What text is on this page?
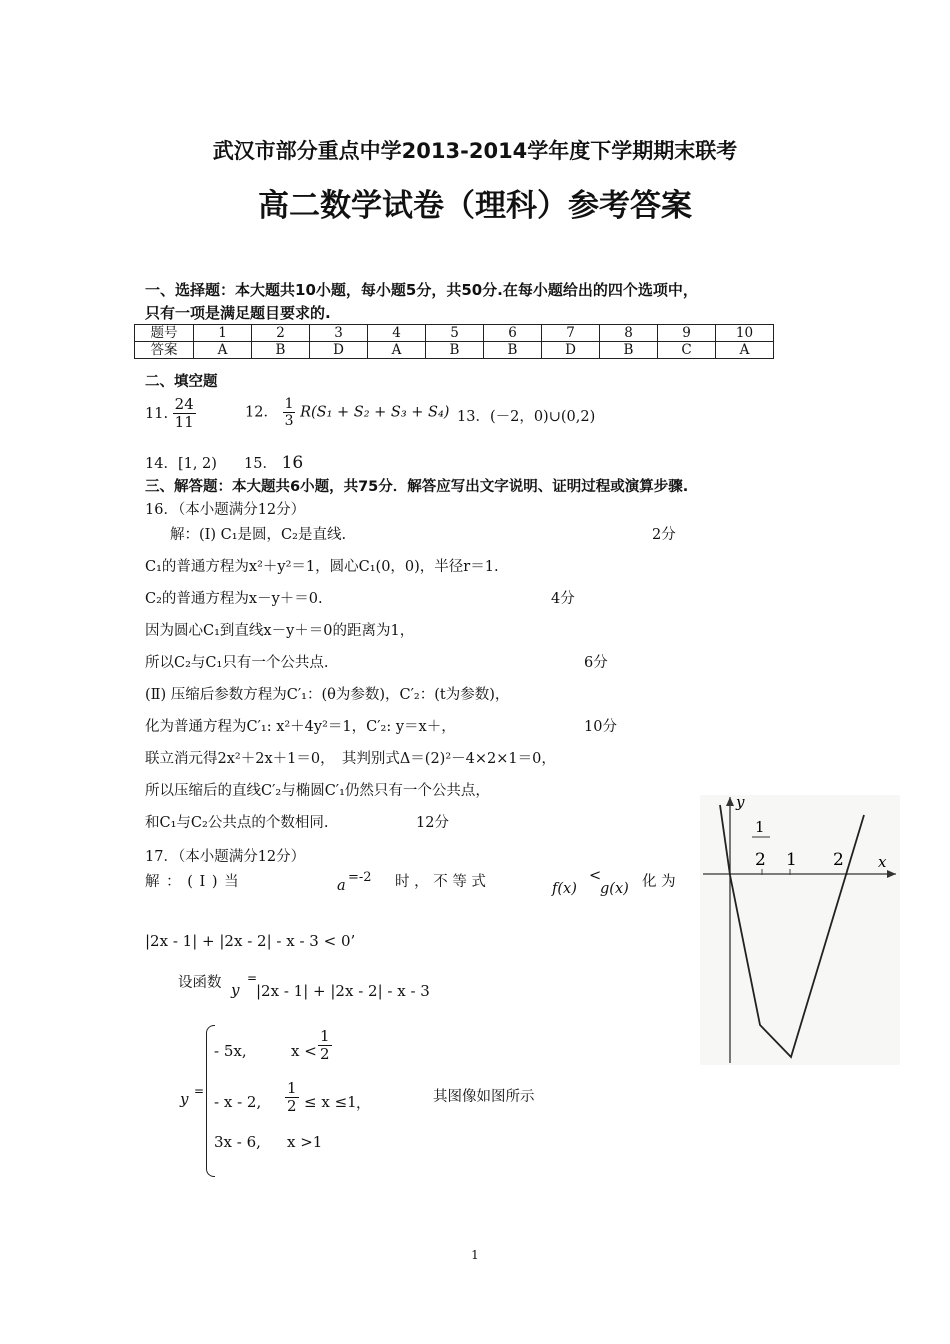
武汉市部分重点中学2013-2014学年度下学期期末联考
高二数学试卷（理科）参考答案
一、选择题：本大题共10小题，每小题5分，共50分.在每小题给出的四个选项中，
只有一项是满足题目要求的.
题号	1	2	3	4	5	6	7	8	9	10
答案	A	B	D	A	B	B	D	B	C	A
二、填空题
11. $\frac{24}{11}$	12． $\frac{1}{3} R(S_1 + S_2 + S_3 + S_4)$ 13．(－2，0)∪(0,2)
14．[1, 2) 15． 16
三、解答题：本大题共6小题，共75分．解答应写出文字说明、证明过程或演算步骤.
16．（本小题满分12分）
解：(Ⅰ) C₁是圆，C₂是直线.	2分
C₁的普通方程为x²＋y²＝1，圆心C₁(0，0)，半径r＝1.
C₂的普通方程为x－y＋＝0.	4分
因为圆心C₁到直线x－y＋＝0的距离为1，
所以C₂与C₁只有一个公共点.	6分
(Ⅱ) 压缩后参数方程为C′₁：(θ为参数)，C′₂：(t为参数)，
化为普通方程为C′₁: x²＋4y²＝1，C′₂: y＝x＋，	10分
联立消元得2x²＋2x＋1＝0，　其判别式Δ＝(2)²－4×2×1＝0，
所以压缩后的直线C′₂与椭圆C′₁仍然只有一个公共点，
和C₁与C₂公共点的个数相同.	12分
17．（本小题满分12分）
解 ： ( Ⅰ ) 当	a
=-2 时 ， 不 等 式	f(x)
<
g(x) 化 为
|2x - 1| + |2x - 2| - x - 3 < 0’
设函数 y
=
|2x - 1| + |2x - 2| - x - 3
y =
- 5x,	$x < \frac{1}{2}$
- x - 2, $\frac{1}{2} \le x \le 1$ ，
3x - 6, x >1
其图像如图所示
y
x
1
2 1 2
1
